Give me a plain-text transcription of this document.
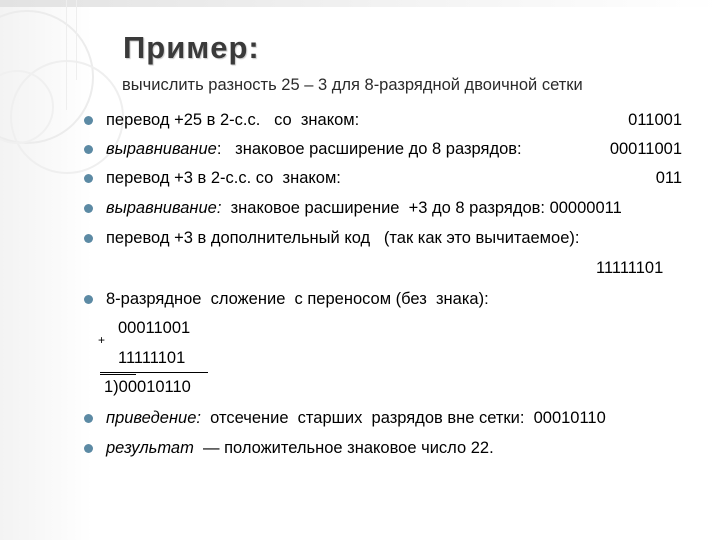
Пример:
вычислить разность 25 – 3 для 8-разрядной двоичной сетки
перевод +25 в 2-с.с.   со  знаком:	011001
выравнивание:   знаковое расширение до 8 разрядов:	00011001
перевод +3 в 2-с.с. со  знаком:	011
выравнивание:  знаковое расширение  +3 до 8 разрядов: 00000011
перевод +3 в дополнительный код   (так как это вычитаемое):
11111101
8-разрядное  сложение  с переносом (без  знака):
00011001
+
11111101
1)00010110
приведение:  отсечение  старших  разрядов вне сетки:  00010110
результат  — положительное знаковое число 22.
